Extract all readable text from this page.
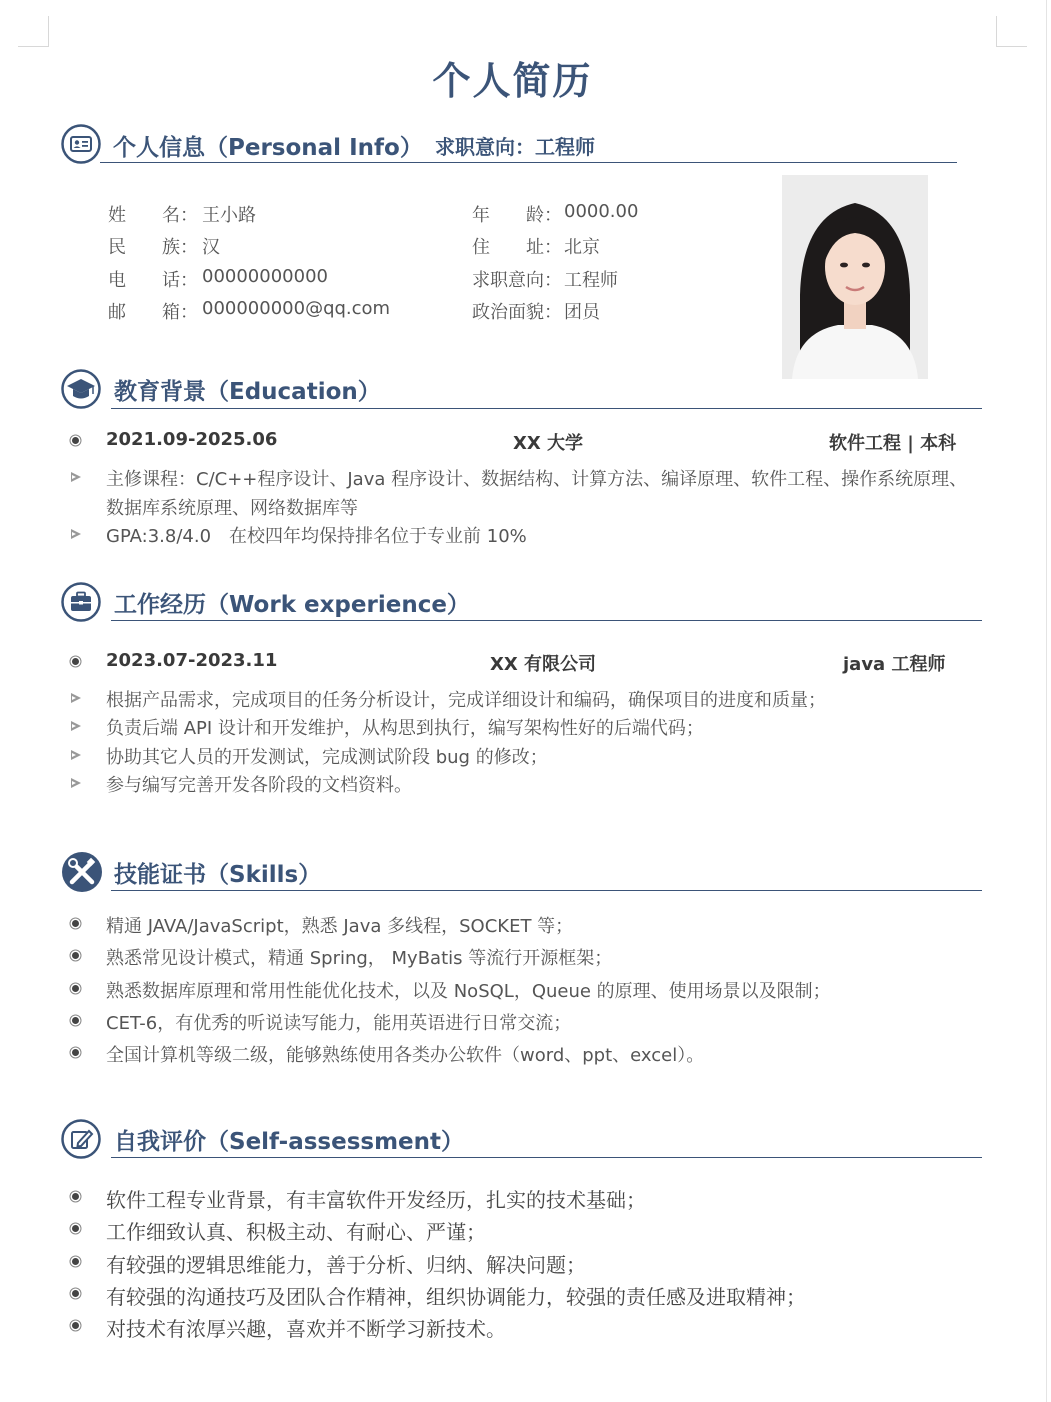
个人简历
个人信息（Personal Info） 求职意向：工程师
姓　　名： 王小路
民　　族： 汉
电　　话： 00000000000
邮　　箱： 000000000@qq.com
年　　龄： 0000.00
住　　址： 北京
求职意向： 工程师
政治面貌： 团员
教育背景（Education）
2021.09-2025.06	XX 大学	软件工程 | 本科
主修课程：C/C++程序设计、Java 程序设计、数据结构、计算方法、编译原理、软件工程、操作系统原理、
数据库系统原理、网络数据库等
GPA:3.8/4.0　在校四年均保持排名位于专业前 10%
工作经历（Work experience）
2023.07-2023.11	XX 有限公司	java 工程师
根据产品需求，完成项目的任务分析设计，完成详细设计和编码，确保项目的进度和质量；
负责后端 API 设计和开发维护，从构思到执行，编写架构性好的后端代码；
协助其它人员的开发测试，完成测试阶段 bug 的修改；
参与编写完善开发各阶段的文档资料。
技能证书（Skills）
精通 JAVA/JavaScript，熟悉 Java 多线程，SOCKET 等；
熟悉常见设计模式，精通 Spring， MyBatis 等流行开源框架；
熟悉数据库原理和常用性能优化技术，以及 NoSQL，Queue 的原理、使用场景以及限制；
CET-6，有优秀的听说读写能力，能用英语进行日常交流；
全国计算机等级二级，能够熟练使用各类办公软件（word、ppt、excel）。
自我评价（Self-assessment）
软件工程专业背景，有丰富软件开发经历，扎实的技术基础；
工作细致认真、积极主动、有耐心、严谨；
有较强的逻辑思维能力，善于分析、归纳、解决问题；
有较强的沟通技巧及团队合作精神，组织协调能力，较强的责任感及进取精神；
对技术有浓厚兴趣，喜欢并不断学习新技术。
